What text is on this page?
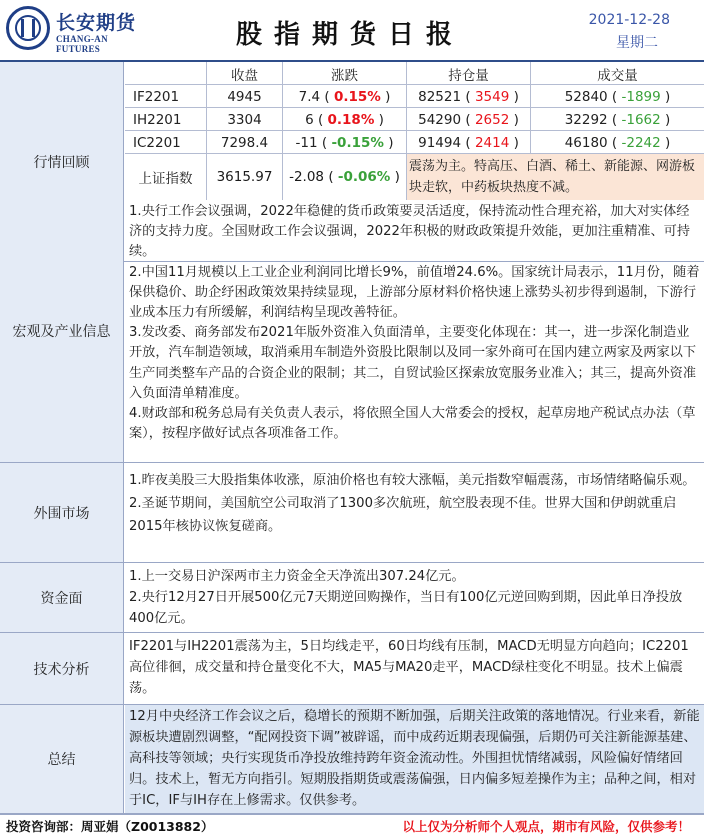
长安期货
CHANG-AN FUTURES	股指期货日报	2021-12-28
星期二
行情回顾
收盘	涨跌	持仓量	成交量
IF2201	4945	7.4 ( 0.15% )	82521 ( 3549 )	52840 ( -1899 )
IH2201	3304	6 ( 0.18% )	54290 ( 2652 )	32292 ( -1662 )
IC2201	7298.4	-11 ( -0.15% )	91494 ( 2414 )	46180 ( -2242 )
上证指数	3615.97	-2.08 ( -0.06% )
震荡为主。特高压、白酒、稀土、新能源、网游板块走软，中药板块热度不减。
宏观及产业信息
1.央行工作会议强调，2022年稳健的货币政策要灵活适度，保持流动性合理充裕，加大对实体经济的支持力度。全国财政工作会议强调，2022年积极的财政政策提升效能，更加注重精准、可持续。
2.中国11月规模以上工业企业利润同比增长9%，前值增24.6%。国家统计局表示，11月份，随着保供稳价、助企纾困政策效果持续显现，上游部分原材料价格快速上涨势头初步得到遏制，下游行业成本压力有所缓解，利润结构呈现改善特征。
3.发改委、商务部发布2021年版外资准入负面清单，主要变化体现在：其一，进一步深化制造业开放，汽车制造领域，取消乘用车制造外资股比限制以及同一家外商可在国内建立两家及两家以下生产同类整车产品的合资企业的限制；其二，自贸试验区探索放宽服务业准入；其三，提高外资准入负面清单精准度。
4.财政部和税务总局有关负责人表示，将依照全国人大常委会的授权，起草房地产税试点办法（草案），按程序做好试点各项准备工作。
外围市场
1.昨夜美股三大股指集体收涨，原油价格也有较大涨幅，美元指数窄幅震荡，市场情绪略偏乐观。
2.圣诞节期间，美国航空公司取消了1300多次航班，航空股表现不佳。世界大国和伊朗就重启2015年核协议恢复磋商。
资金面
1.上一交易日沪深两市主力资金全天净流出307.24亿元。
2.央行12月27日开展500亿元7天期逆回购操作，当日有100亿元逆回购到期，因此单日净投放400亿元。
技术分析
IF2201与IH2201震荡为主，5日均线走平，60日均线有压制，MACD无明显方向趋向；IC2201高位徘徊，成交量和持仓量变化不大，MA5与MA20走平，MACD绿柱变化不明显。技术上偏震荡。
总结
12月中央经济工作会议之后，稳增长的预期不断加强，后期关注政策的落地情况。行业来看，新能源板块遭剧烈调整，“配网投资下调”被辟谣，而中成药近期表现偏强，后期仍可关注新能源基建、高科技等领域；央行实现货币净投放维持跨年资金流动性。外围担忧情绪减弱，风险偏好情绪回归。技术上，暂无方向指引。短期股指期货或震荡偏强，日内偏多短差操作为主；品种之间，相对于IC，IF与IH存在上修需求。仅供参考。
投资咨询部：周亚娟（Z0013882）	以上仅为分析师个人观点，期市有风险，仅供参考！
